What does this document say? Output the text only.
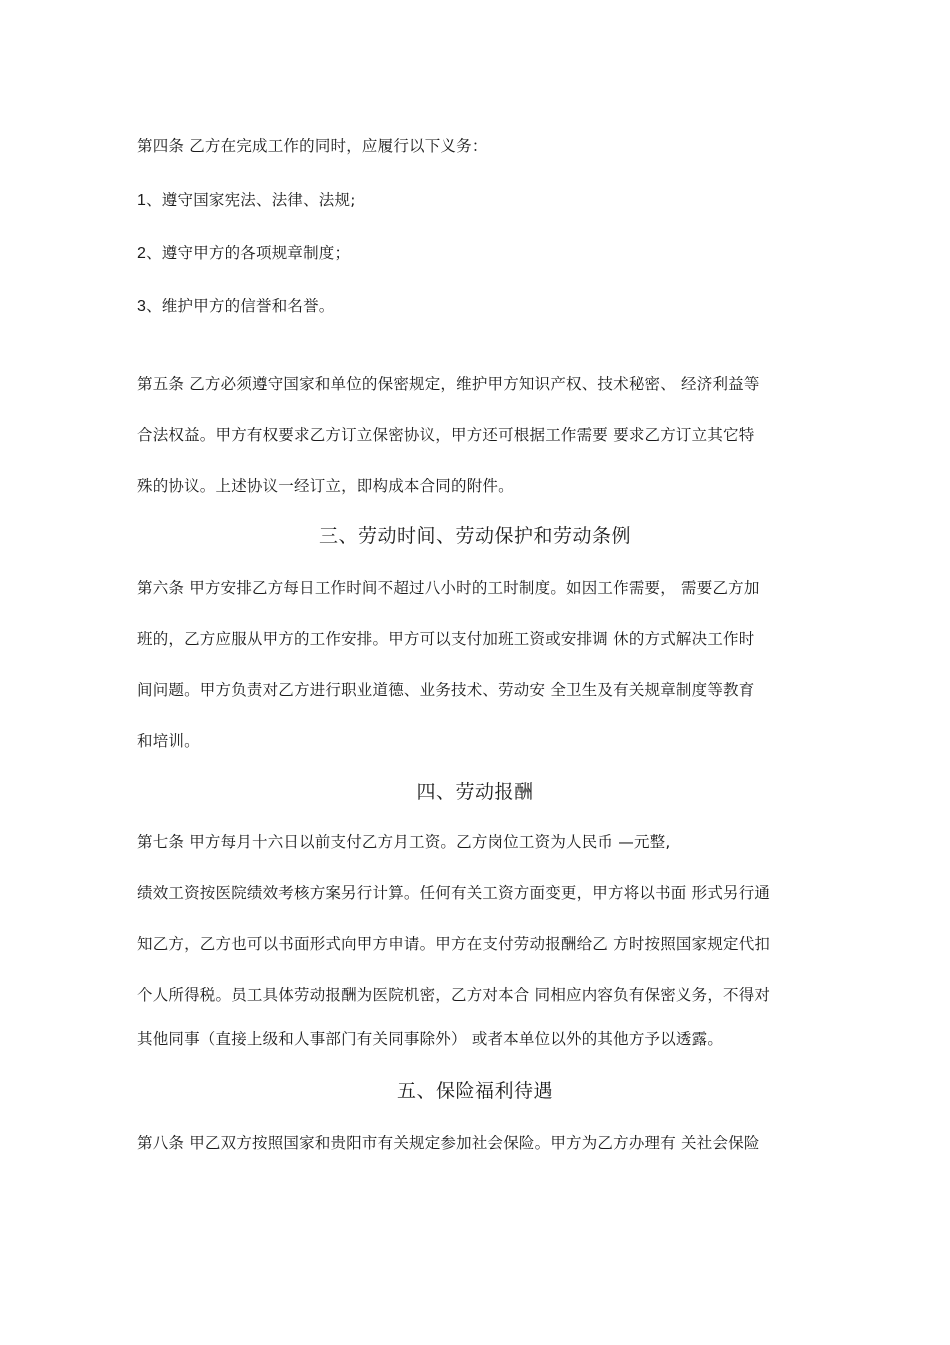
第四条 乙方在完成工作的同时，应履行以下义务：
1、遵守国家宪法、法律、法规;
2、遵守甲方的各项规章制度；
3、维护甲方的信誉和名誉。
第五条 乙方必须遵守国家和单位的保密规定，维护甲方知识产权、技术秘密、 经济利益等
合法权益。甲方有权要求乙方订立保密协议，甲方还可根据工作需要 要求乙方订立其它特
殊的协议。上述协议一经订立，即构成本合同的附件。
三、劳动时间、劳动保护和劳动条例
第六条 甲方安排乙方每日工作时间不超过八小时的工时制度。如因工作需要， 需要乙方加
班的，乙方应服从甲方的工作安排。甲方可以支付加班工资或安排调 休的方式解决工作时
间问题。甲方负责对乙方进行职业道德、业务技术、劳动安 全卫生及有关规章制度等教育
和培训。
四、劳动报酬
第七条 甲方每月十六日以前支付乙方月工资。乙方岗位工资为人民币 —元整,
绩效工资按医院绩效考核方案另行计算。任何有关工资方面变更，甲方将以书面 形式另行通
知乙方，乙方也可以书面形式向甲方申请。甲方在支付劳动报酬给乙 方时按照国家规定代扣
个人所得税。员工具体劳动报酬为医院机密，乙方对本合 同相应内容负有保密义务，不得对
其他同事（直接上级和人事部门有关同事除外） 或者本单位以外的其他方予以透露。
五、保险福利待遇
第八条 甲乙双方按照国家和贵阳市有关规定参加社会保险。甲方为乙方办理有 关社会保险
